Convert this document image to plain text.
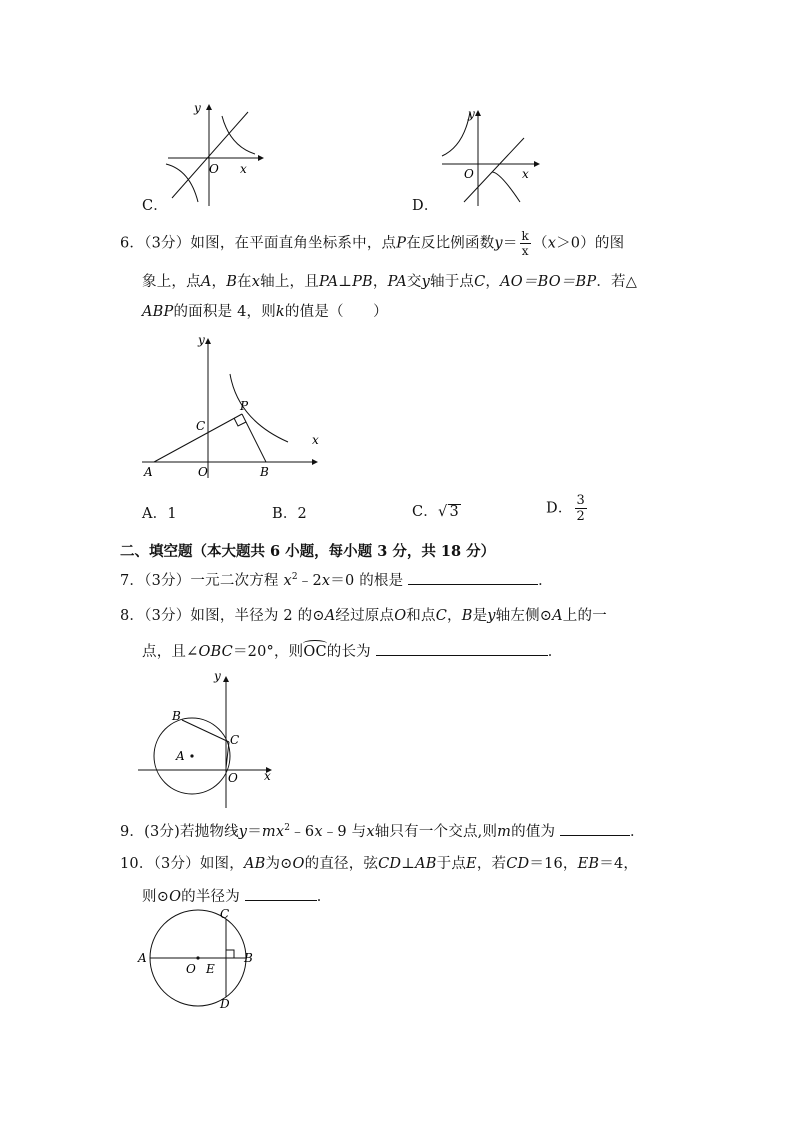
y
x
O
C．
y
x
O
D．
6．（3分）如图，在平面直角坐标系中，点P在反比例函数$y= \frac{k}{x} (x>0)$的图
象上，点A，B在x轴上，且PA⊥PB，PA交y轴于点C，AO＝BO＝BP．若△
ABP的面积是 4，则k的值是（　　）
y
x
O
A	B
C
P
A．1	B．2	C．√ 3	D． $\frac{3}{2}$
二、填空题（本大题共 6 小题，每小题 3 分，共 18 分）
7．（3分）一元二次方程 $x^2﹣2x=0$ 的根是	．
8．（3分）如图，半径为 2 的⊙A经过原点O和点C，B是y轴左侧⊙A上的一
点，且∠OBC＝20°，则OC的长为	．
A
B
C
O
y
x
9．(3分)若抛物线$y=mx^2﹣6x﹣9$ 与x轴只有一个交点,则m的值为	．
10．（3分）如图，AB为⊙O的直径，弦CD⊥AB于点E，若CD＝16，EB＝4，
则⊙O的半径为	．
A	B
C
D
O E
